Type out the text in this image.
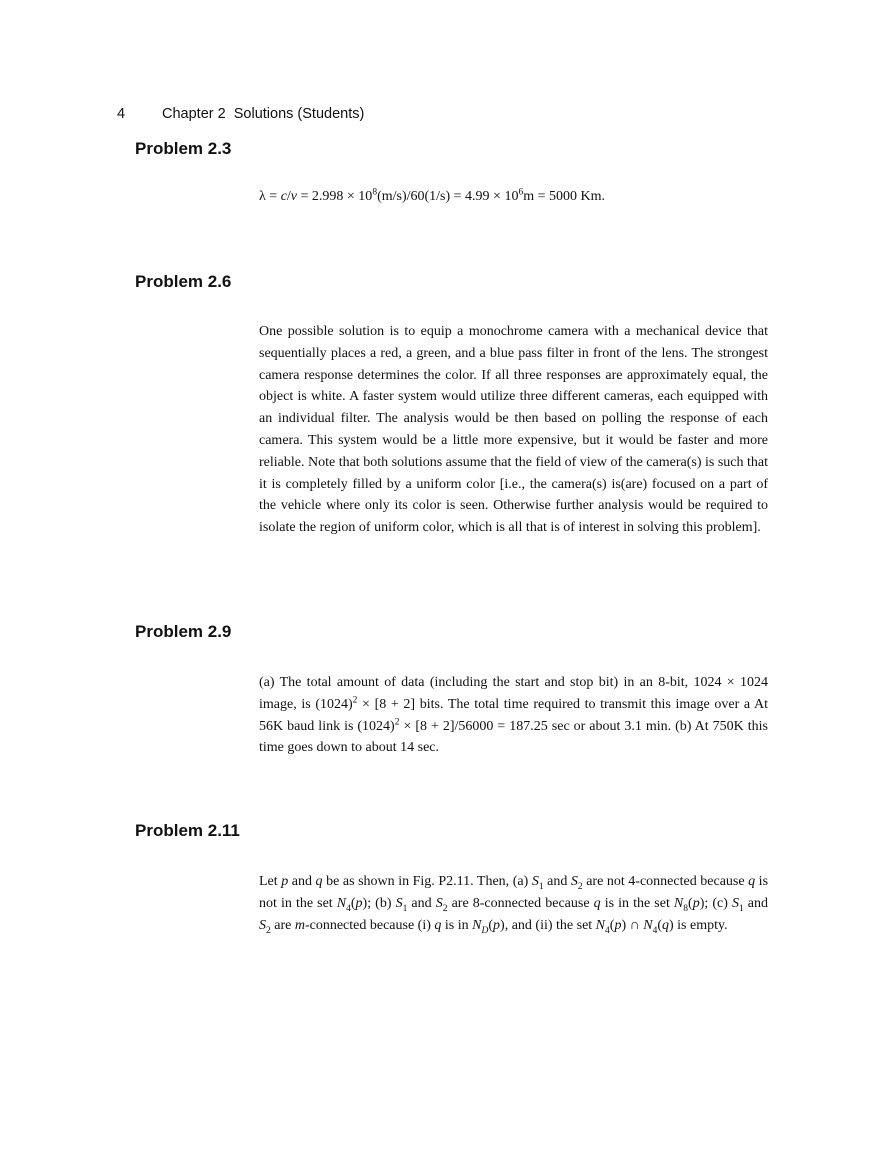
4	Chapter 2  Solutions (Students)
Problem 2.3
$\lambda = c/v = 2.998 \times 10^8(m/s)/60(1/s) = 4.99 \times 10^6m = 5000$ Km.
Problem 2.6

One possible solution is to equip a monochrome camera with a mechanical device that sequentially places a red, a green, and a blue pass filter in front of the lens. The strongest camera response determines the color. If all three responses are approximately equal, the object is white. A faster system would utilize three different cameras, each equipped with an individual filter. The analysis would be then based on polling the response of each camera. This system would be a little more expensive, but it would be faster and more reliable. Note that both solutions assume that the field of view of the camera(s) is such that it is completely filled by a uniform color [i.e., the camera(s) is(are) focused on a part of the vehicle where only its color is seen. Otherwise further analysis would be required to isolate the region of uniform color, which is all that is of interest in solving this problem].

Problem 2.9

(a) The total amount of data (including the start and stop bit) in an 8-bit, 1024 × 1024 image, is $(1024)^2 \times [8 + 2]$ bits. The total time required to transmit this image over a At 56K baud link is $(1024)^2 \times [8 + 2]/56000 = 187.25$ sec or about 3.1 min. (b) At 750K this time goes down to about 14 sec.

Problem 2.11

Let p and q be as shown in Fig. P2.11. Then, (a) $S_1$ and $S_2$ are not 4-connected because q is not in the set $N_4(p)$; (b) $S_1$ and $S_2$ are 8-connected because q is in the set $N_8(p)$; (c) $S_1$ and $S_2$ are m-connected because (i) q is in $N_D(p)$, and (ii) the set $N_4(p)$ ∩ $N_4(q)$ is empty.
